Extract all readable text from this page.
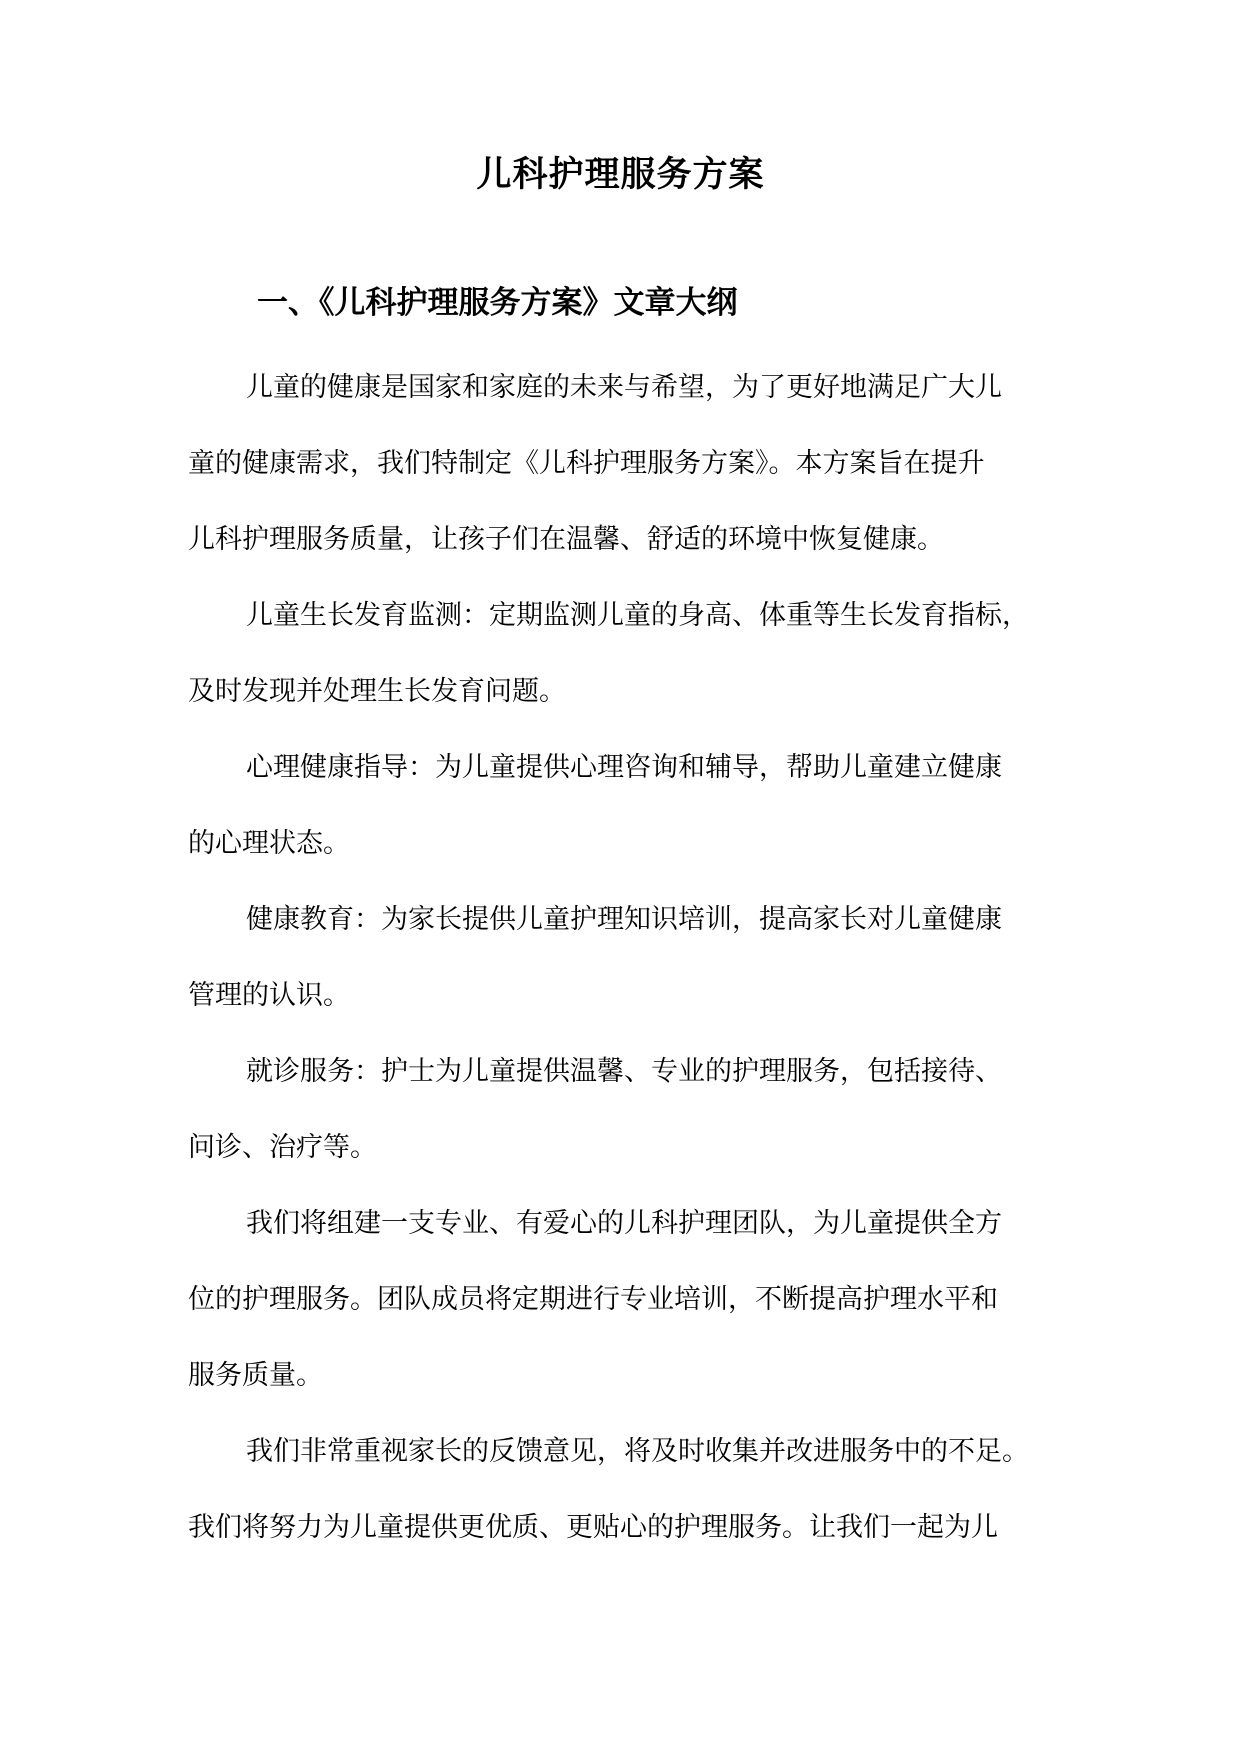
儿科护理服务方案
一、《儿科护理服务方案》文章大纲
儿童的健康是国家和家庭的未来与希望，为了更好地满足广大儿
童的健康需求，我们特制定《儿科护理服务方案》。本方案旨在提升
儿科护理服务质量，让孩子们在温馨、舒适的环境中恢复健康。
儿童生长发育监测：定期监测儿童的身高、体重等生长发育指标，
及时发现并处理生长发育问题。
心理健康指导：为儿童提供心理咨询和辅导，帮助儿童建立健康
的心理状态。
健康教育：为家长提供儿童护理知识培训，提高家长对儿童健康
管理的认识。
就诊服务：护士为儿童提供温馨、专业的护理服务，包括接待、
问诊、治疗等。
我们将组建一支专业、有爱心的儿科护理团队，为儿童提供全方
位的护理服务。团队成员将定期进行专业培训，不断提高护理水平和
服务质量。
我们非常重视家长的反馈意见，将及时收集并改进服务中的不足。
我们将努力为儿童提供更优质、更贴心的护理服务。让我们一起为儿
